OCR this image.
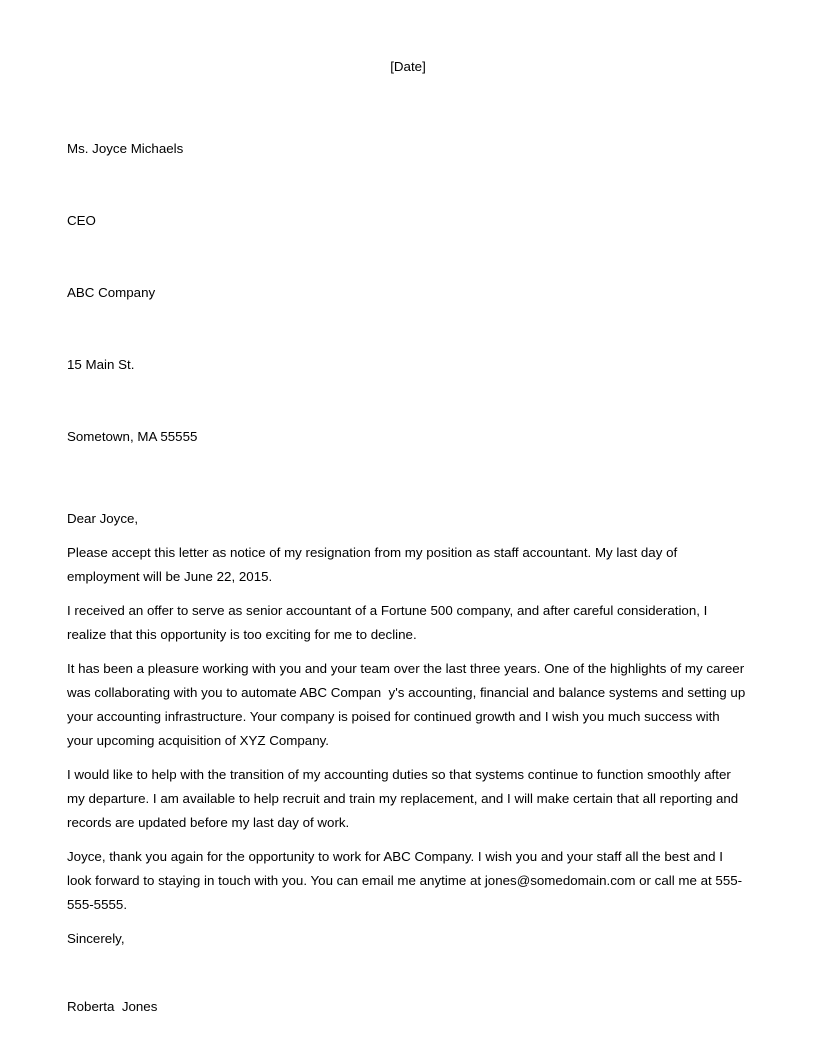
[Date]

Ms. Joyce Michaels

CEO

ABC Company

15 Main St.

Sometown, MA 55555

Dear Joyce,

Please accept this letter as notice of my resignation from my position as staff accountant. My last day of employment will be June 22, 2015.

I received an offer to serve as senior accountant of a Fortune 500 company, and after careful consideration, I realize that this opportunity is too exciting for me to decline.

It has been a pleasure working with you and your team over the last three years. One of the highlights of my career was collaborating with you to automate ABC Compan  y's accounting, financial and balance systems and setting up your accounting infrastructure. Your company is poised for continued growth and I wish you much success with your upcoming acquisition of XYZ Company.

I would like to help with the transition of my accounting duties so that systems continue to function smoothly after my departure. I am available to help recruit and train my replacement, and I will make certain that all reporting and records are updated before my last day of work.

Joyce, thank you again for the opportunity to work for ABC Company. I wish you and your staff all the best and I look forward to staying in touch with you. You can email me anytime at jones@somedomain.com or call me at 555-555-5555.

Sincerely,

Roberta  Jones
